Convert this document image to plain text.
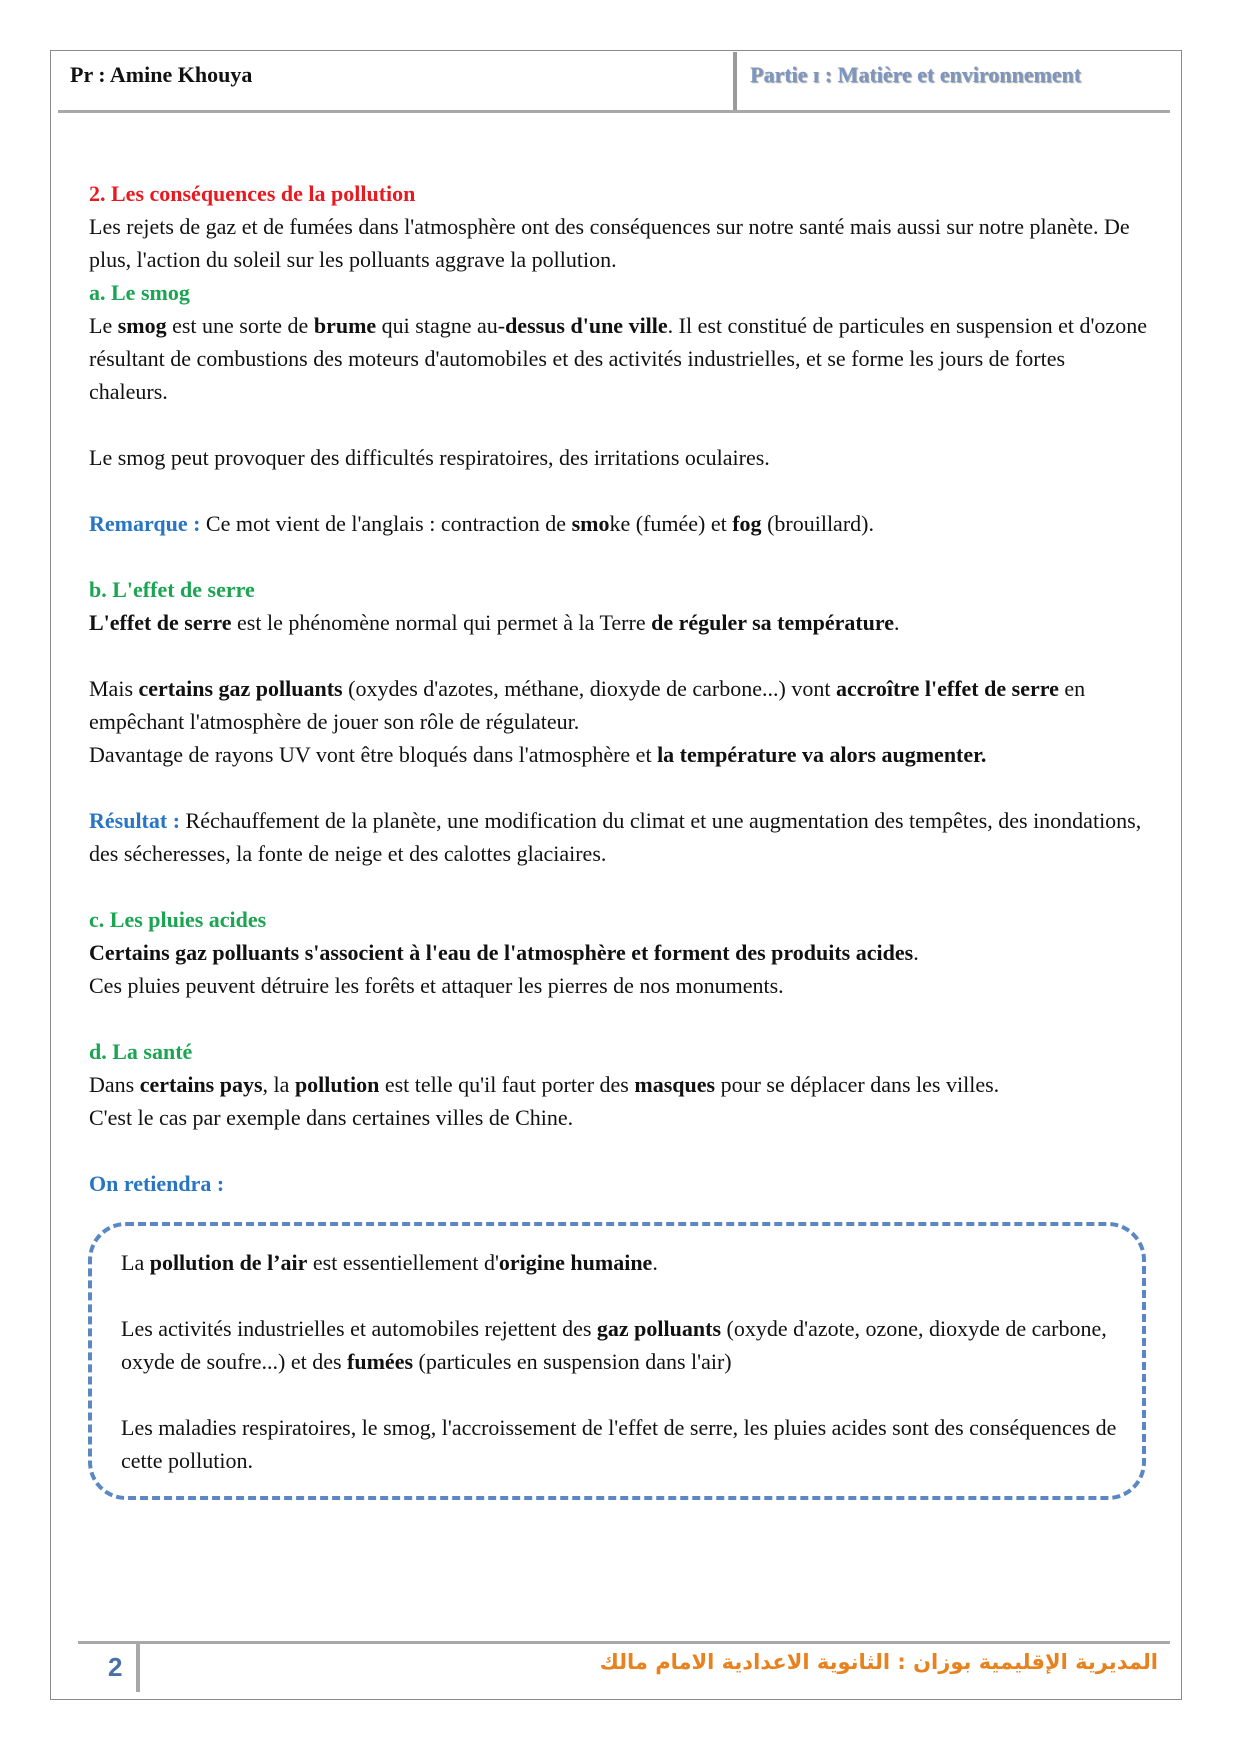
Pr : Amine Khouya	Partie ɪ : Matière et environnement

2. Les conséquences de la pollution

Les rejets de gaz et de fumées dans l'atmosphère ont des conséquences sur notre santé mais aussi sur notre planète. De plus, l'action du soleil sur les polluants aggrave la pollution.

a. Le smog

Le smog est une sorte de brume qui stagne au-dessus d'une ville. Il est constitué de particules en suspension et d'ozone résultant de combustions des moteurs d'automobiles et des activités industrielles, et se forme les jours de fortes chaleurs.

Le smog peut provoquer des difficultés respiratoires, des irritations oculaires.

Remarque : Ce mot vient de l'anglais : contraction de smoke (fumée) et fog (brouillard).

b. L'effet de serre

L'effet de serre est le phénomène normal qui permet à la Terre de réguler sa température.

Mais certains gaz polluants (oxydes d'azotes, méthane, dioxyde de carbone...) vont accroître l'effet de serre en empêchant l'atmosphère de jouer son rôle de régulateur.

Davantage de rayons UV vont être bloqués dans l'atmosphère et la température va alors augmenter.

Résultat : Réchauffement de la planète, une modification du climat et une augmentation des tempêtes, des inondations, des sécheresses, la fonte de neige et des calottes glaciaires.

c. Les pluies acides

Certains gaz polluants s'associent à l'eau de l'atmosphère et forment des produits acides.

Ces pluies peuvent détruire les forêts et attaquer les pierres de nos monuments.

d. La santé

Dans certains pays, la pollution est telle qu'il faut porter des masques pour se déplacer dans les villes.

C'est le cas par exemple dans certaines villes de Chine.

On retiendra :

La pollution de l’air est essentiellement d'origine humaine.

Les activités industrielles et automobiles rejettent des gaz polluants (oxyde d'azote, ozone, dioxyde de carbone, oxyde de soufre...) et des fumées (particules en suspension dans l'air)

Les maladies respiratoires, le smog, l'accroissement de l'effet de serre, les pluies acides sont des conséquences de cette pollution.

2	المديرية الإقليمية بوزان : الثانوية الاعدادية الامام مالك
